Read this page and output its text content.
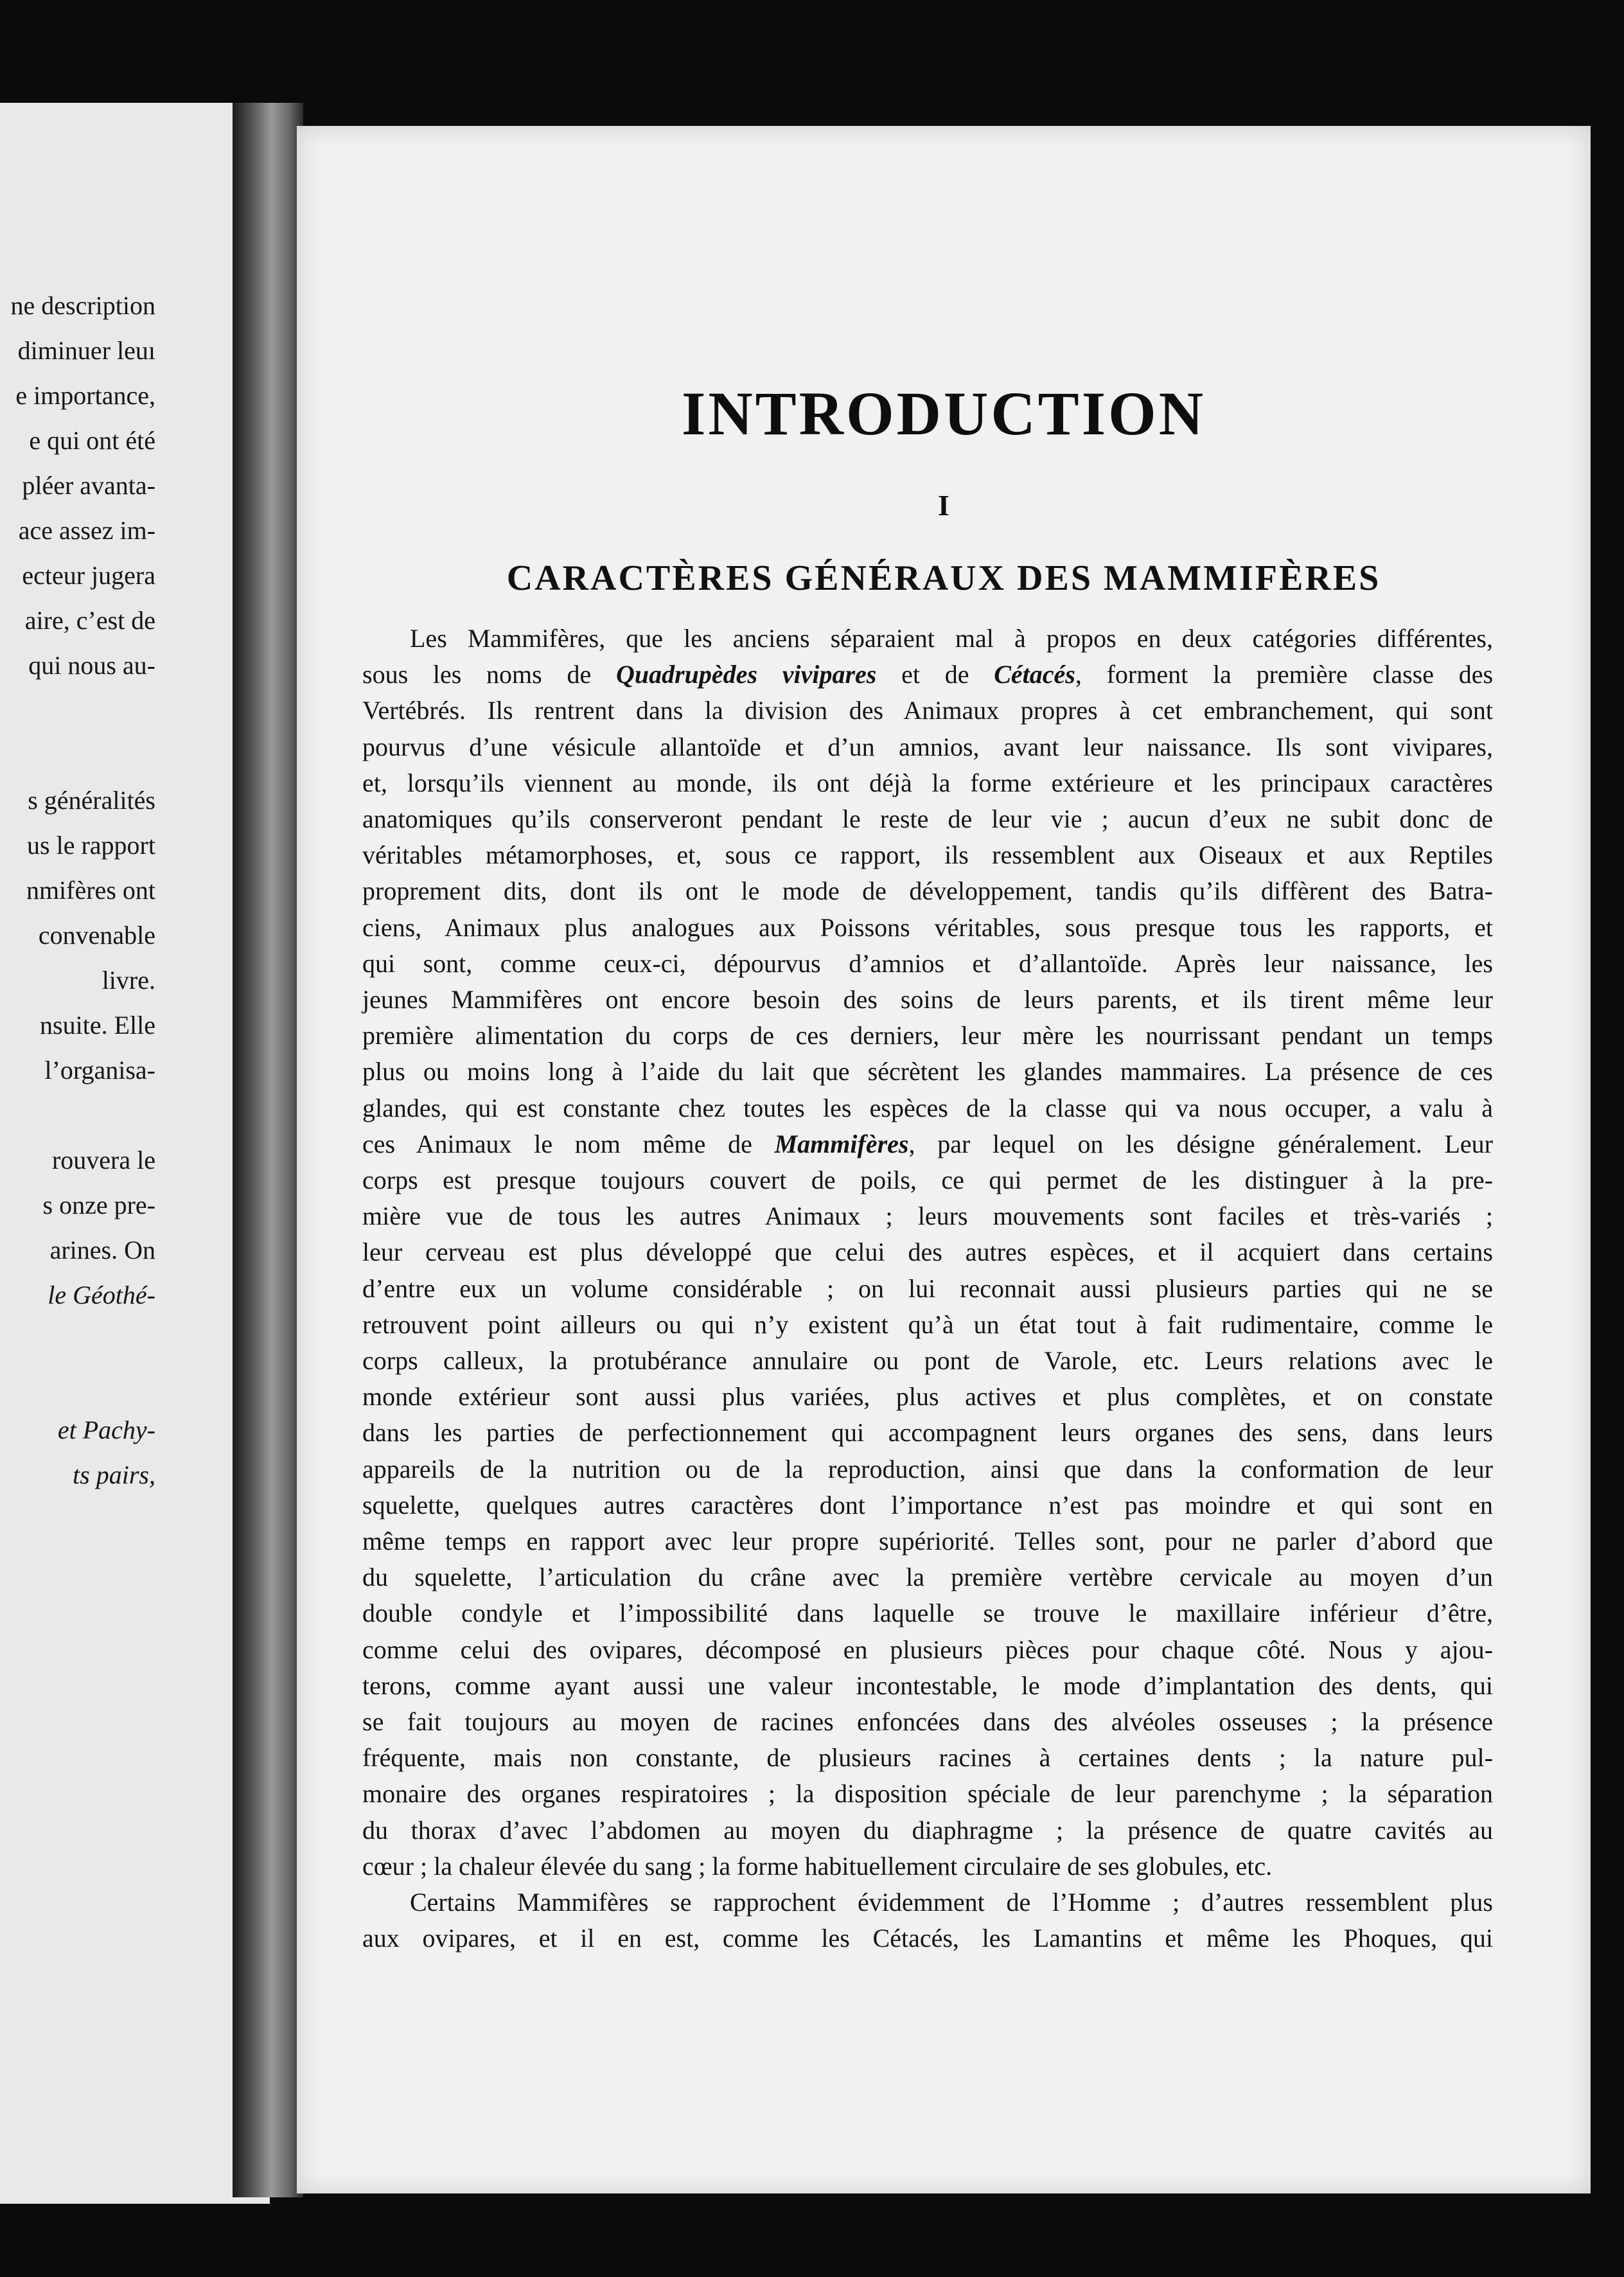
ne description
diminuer leuı
e importance,
e qui ont été
pléer avanta-
ace assez im-
ecteur jugera
aire, c’est de
qui nous au-
s généralités
us le rapport
nmifères ont
convenable
livre.
nsuite. Elle
l’organisa-
rouvera le
s onze pre-
arines. On
le Géothé-
et Pachy-
ts pairs,
INTRODUCTION
I
CARACTÈRES GÉNÉRAUX DES MAMMIFÈRES
Les Mammifères, que les anciens séparaient mal à propos en deux catégories différentes,
sous les noms de Quadrupèdes vivipares et de Cétacés, forment la première classe des
Vertébrés. Ils rentrent dans la division des Animaux propres à cet embranchement, qui sont
pourvus d’une vésicule allantoïde et d’un amnios, avant leur naissance. Ils sont vivipares,
et, lorsqu’ils viennent au monde, ils ont déjà la forme extérieure et les principaux caractères
anatomiques qu’ils conserveront pendant le reste de leur vie ; aucun d’eux ne subit donc de
véritables métamorphoses, et, sous ce rapport, ils ressemblent aux Oiseaux et aux Reptiles
proprement dits, dont ils ont le mode de développement, tandis qu’ils diffèrent des Batra-
ciens, Animaux plus analogues aux Poissons véritables, sous presque tous les rapports, et
qui sont, comme ceux-ci, dépourvus d’amnios et d’allantoïde. Après leur naissance, les
jeunes Mammifères ont encore besoin des soins de leurs parents, et ils tirent même leur
première alimentation du corps de ces derniers, leur mère les nourrissant pendant un temps
plus ou moins long à l’aide du lait que sécrètent les glandes mammaires. La présence de ces
glandes, qui est constante chez toutes les espèces de la classe qui va nous occuper, a valu à
ces Animaux le nom même de Mammifères, par lequel on les désigne généralement. Leur
corps est presque toujours couvert de poils, ce qui permet de les distinguer à la pre-
mière vue de tous les autres Animaux ; leurs mouvements sont faciles et très-variés ;
leur cerveau est plus développé que celui des autres espèces, et il acquiert dans certains
d’entre eux un volume considérable ; on lui reconnait aussi plusieurs parties qui ne se
retrouvent point ailleurs ou qui n’y existent qu’à un état tout à fait rudimentaire, comme le
corps calleux, la protubérance annulaire ou pont de Varole, etc. Leurs relations avec le
monde extérieur sont aussi plus variées, plus actives et plus complètes, et on constate
dans les parties de perfectionnement qui accompagnent leurs organes des sens, dans leurs
appareils de la nutrition ou de la reproduction, ainsi que dans la conformation de leur
squelette, quelques autres caractères dont l’importance n’est pas moindre et qui sont en
même temps en rapport avec leur propre supériorité. Telles sont, pour ne parler d’abord que
du squelette, l’articulation du crâne avec la première vertèbre cervicale au moyen d’un
double condyle et l’impossibilité dans laquelle se trouve le maxillaire inférieur d’être,
comme celui des ovipares, décomposé en plusieurs pièces pour chaque côté. Nous y ajou-
terons, comme ayant aussi une valeur incontestable, le mode d’implantation des dents, qui
se fait toujours au moyen de racines enfoncées dans des alvéoles osseuses ; la présence
fréquente, mais non constante, de plusieurs racines à certaines dents ; la nature pul-
monaire des organes respiratoires ; la disposition spéciale de leur parenchyme ; la séparation
du thorax d’avec l’abdomen au moyen du diaphragme ; la présence de quatre cavités au
cœur ; la chaleur élevée du sang ; la forme habituellement circulaire de ses globules, etc.
Certains Mammifères se rapprochent évidemment de l’Homme ; d’autres ressemblent plus
aux ovipares, et il en est, comme les Cétacés, les Lamantins et même les Phoques, qui
